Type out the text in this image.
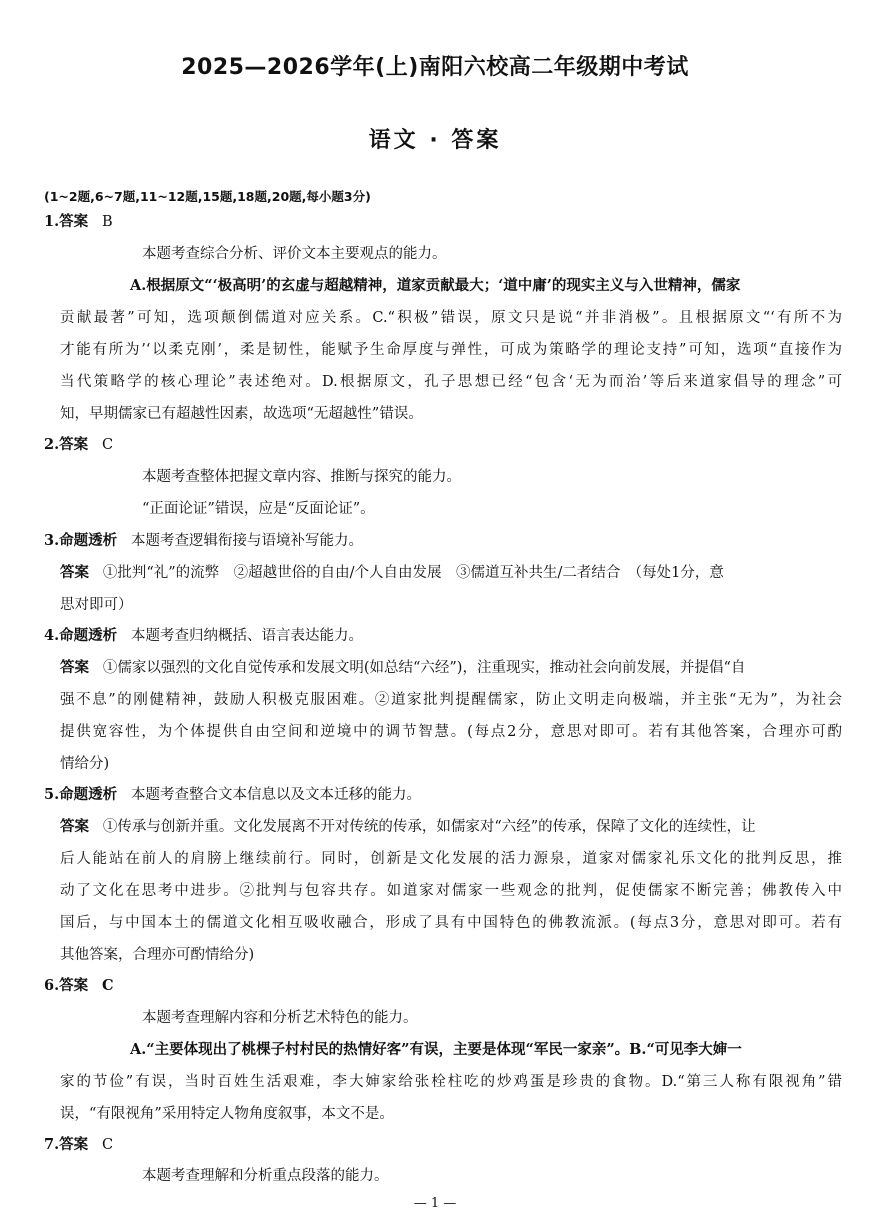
2025—2026学年(上)南阳六校高二年级期中考试
语文 · 答案
(1~2题,6~7题,11~12题,15题,18题,20题,每小题3分)
1.答案 B
本题考查综合分析、评价文本主要观点的能力。
A.根据原文“‘极高明’的玄虚与超越精神，道家贡献最大；‘道中庸’的现实主义与入世精神，儒家
贡献最著”可知，选项颠倒儒道对应关系。C.“积极”错误，原文只是说“并非消极”。且根据原文“‘有所不为
才能有所为’‘以柔克刚’，柔是韧性，能赋予生命厚度与弹性，可成为策略学的理论支持”可知，选项“直接作为
当代策略学的核心理论”表述绝对。D.根据原文，孔子思想已经“包含‘无为而治’等后来道家倡导的理念”可
知，早期儒家已有超越性因素，故选项“无超越性”错误。
2.答案 C
本题考查整体把握文章内容、推断与探究的能力。
“正面论证”错误，应是“反面论证”。
3.命题透析 本题考查逻辑衔接与语境补写能力。
答案 ①批判“礼”的流弊　②超越世俗的自由/个人自由发展　③儒道互补共生/二者结合　（每处1分，意
思对即可）
4.命题透析 本题考查归纳概括、语言表达能力。
答案 ①儒家以强烈的文化自觉传承和发展文明(如总结“六经”)，注重现实，推动社会向前发展，并提倡“自
强不息”的刚健精神，鼓励人积极克服困难。②道家批判提醒儒家，防止文明走向极端，并主张“无为”，为社会
提供宽容性，为个体提供自由空间和逆境中的调节智慧。(每点2分，意思对即可。若有其他答案，合理亦可酌
情给分)
5.命题透析 本题考查整合文本信息以及文本迁移的能力。
答案 ①传承与创新并重。文化发展离不开对传统的传承，如儒家对“六经”的传承，保障了文化的连续性，让
后人能站在前人的肩膀上继续前行。同时，创新是文化发展的活力源泉，道家对儒家礼乐文化的批判反思，推
动了文化在思考中进步。②批判与包容共存。如道家对儒家一些观念的批判，促使儒家不断完善；佛教传入中
国后，与中国本土的儒道文化相互吸收融合，形成了具有中国特色的佛教流派。(每点3分，意思对即可。若有
其他答案，合理亦可酌情给分)
6.答案 C
本题考查理解内容和分析艺术特色的能力。
A.“主要体现出了桃棵子村村民的热情好客”有误，主要是体现“军民一家亲”。B.“可见李大婶一
家的节俭”有误，当时百姓生活艰难，李大婶家给张栓柱吃的炒鸡蛋是珍贵的食物。D.“第三人称有限视角”错
误，“有限视角”采用特定人物角度叙事，本文不是。
7.答案 C
本题考查理解和分析重点段落的能力。
— 1 —
